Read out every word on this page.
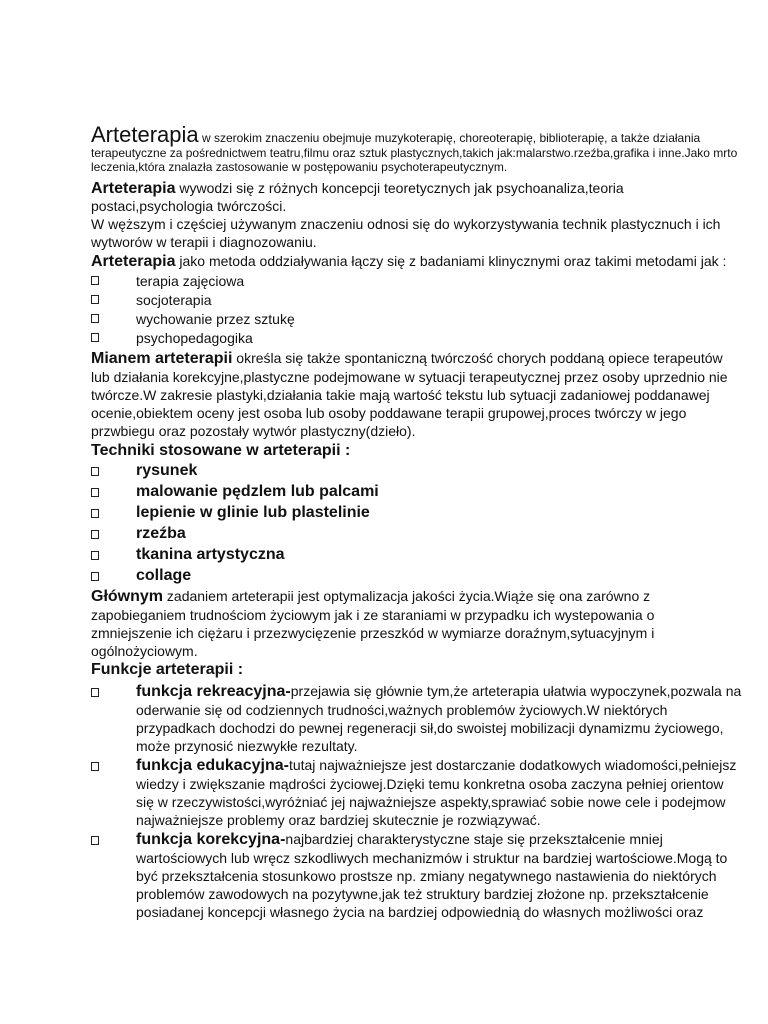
Arteterapia w szerokim znaczeniu obejmuje muzykoterapię, choreoterapię, biblioterapię, a także działania
terapeutyczne za pośrednictwem teatru,filmu oraz sztuk plastycznych,takich jak:malarstwo.rzeźba,grafika i inne.Jako mrto
leczenia,która znalazła zastosowanie w postępowaniu psychoterapeutycznym.
Arteterapia wywodzi się z różnych koncepcji teoretycznych jak psychoanaliza,teoria
postaci,psychologia twórczości.
W węższym i częściej używanym znaczeniu odnosi się do wykorzystywania technik plastycznuch i ich
wytworów w terapii i diagnozowaniu.
Arteterapia jako metoda oddziaływania łączy się z badaniami klinycznymi oraz takimi metodami jak :
terapia zajęciowa
socjoterapia
wychowanie przez sztukę
psychopedagogika
Mianem arteterapii określa się także spontaniczną twórczość chorych poddaną opiece terapeutów
lub działania korekcyjne,plastyczne podejmowane w sytuacji terapeutycznej przez osoby uprzednio nie
twórcze.W zakresie plastyki,działania takie mają wartość tekstu lub sytuacji zadaniowej poddanawej
ocenie,obiektem oceny jest osoba lub osoby poddawane terapii grupowej,proces twórczy w jego
przwbiegu oraz pozostały wytwór plastyczny(dzieło).
Techniki stosowane w arteterapii :
rysunek
malowanie pędzlem lub palcami
lepienie w glinie lub plastelinie
rzeźba
tkanina artystyczna
collage
Głównym zadaniem arteterapii jest optymalizacja jakości życia.Wiąże się ona zarówno z
zapobieganiem trudnościom życiowym jak i ze staraniami w przypadku ich wystepowania o
zmniejszenie ich ciężaru i przezwycięzenie przeszkód w wymiarze doraźnym,sytuacyjnym i
ogólnożyciowym.
Funkcje arteterapii :
funkcja rekreacyjna-przejawia się głównie tym,że arteterapia ułatwia wypoczynek,pozwala na
oderwanie się od codziennych trudności,ważnych problemów życiowych.W niektórych
przypadkach dochodzi do pewnej regeneracji sił,do swoistej mobilizacji dynamizmu życiowego,
może przynosić niezwykłe rezultaty.
funkcja edukacyjna-tutaj najważniejsze jest dostarczanie dodatkowych wiadomości,pełniejsz
wiedzy i zwiększanie mądrości życiowej.Dzięki temu konkretna osoba zaczyna pełniej orientow
się w rzeczywistości,wyróżniać jej najważniejsze aspekty,sprawiać sobie nowe cele i podejmow
najważniejsze problemy oraz bardziej skutecznie je rozwiązywać.
funkcja korekcyjna-najbardziej charakterystyczne staje się przekształcenie mniej
wartościowych lub wręcz szkodliwych mechanizmów i struktur na bardziej wartościowe.Mogą to
być przekształcenia stosunkowo prostsze np. zmiany negatywnego nastawienia do niektórych
problemów zawodowych na pozytywne,jak też struktury bardziej złożone np. przekształcenie
posiadanej koncepcji własnego życia na bardziej odpowiednią do własnych możliwości oraz
